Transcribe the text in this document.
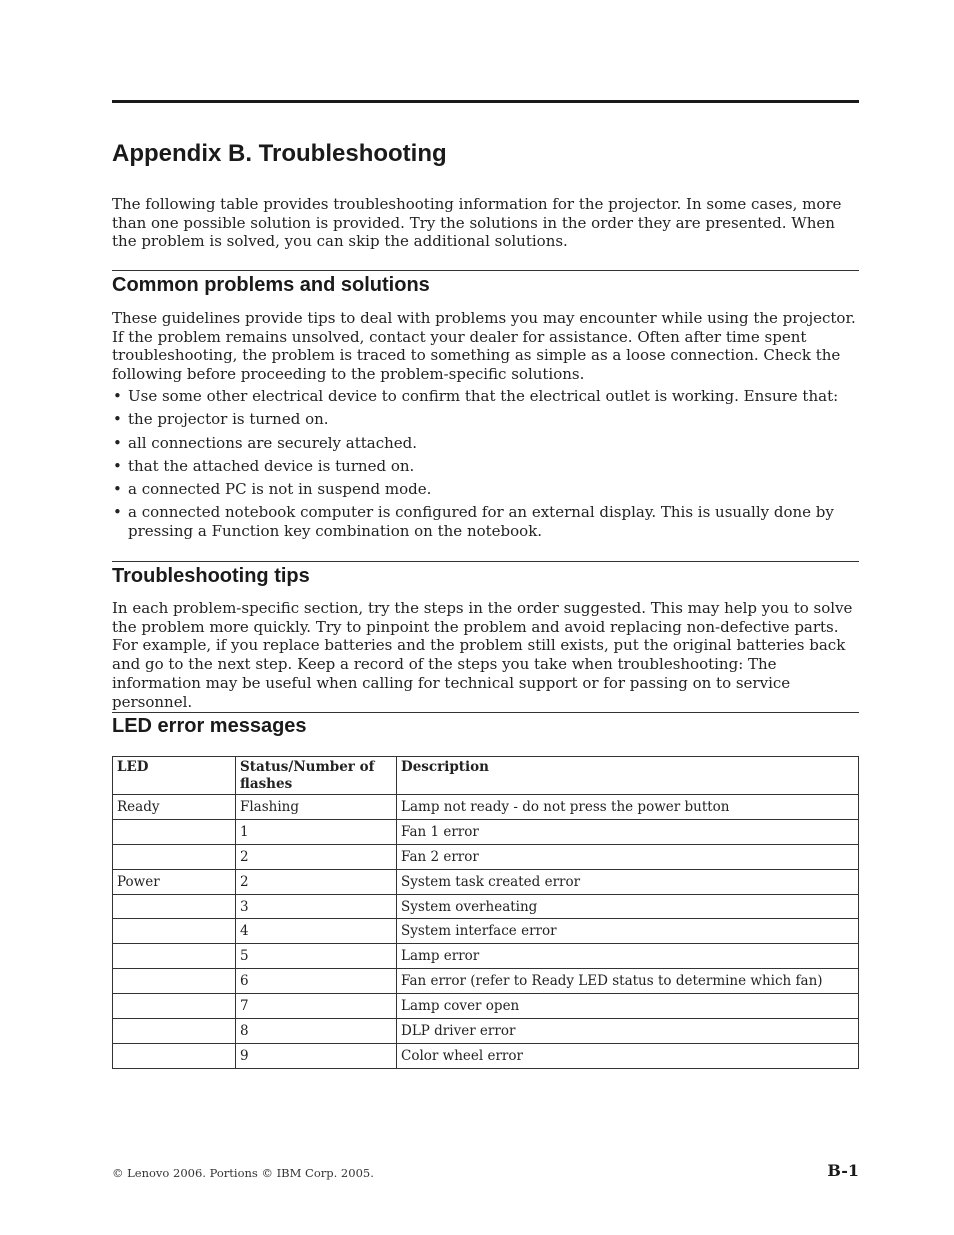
Appendix B. Troubleshooting

The following table provides troubleshooting information for the projector. In some cases, more than one possible solution is provided. Try the solutions in the order they are presented. When the problem is solved, you can skip the additional solutions.

Common problems and solutions

These guidelines provide tips to deal with problems you may encounter while using the projector. If the problem remains unsolved, contact your dealer for assistance. Often after time spent troubleshooting, the problem is traced to something as simple as a loose connection. Check the following before proceeding to the problem-specific solutions.

• Use some other electrical device to confirm that the electrical outlet is working. Ensure that:
• the projector is turned on.
• all connections are securely attached.
• that the attached device is turned on.
• a connected PC is not in suspend mode.
• a connected notebook computer is configured for an external display. This is usually done by pressing a Function key combination on the notebook.
Troubleshooting tips

In each problem-specific section, try the steps in the order suggested. This may help you to solve the problem more quickly. Try to pinpoint the problem and avoid replacing non-defective parts. For example, if you replace batteries and the problem still exists, put the original batteries back and go to the next step. Keep a record of the steps you take when troubleshooting: The information may be useful when calling for technical support or for passing on to service personnel.

LED error messages
LED	Status/Number of flashes	Description
Ready	Flashing	Lamp not ready - do not press the power button
	1	Fan 1 error
	2	Fan 2 error
Power	2	System task created error
	3	System overheating
	4	System interface error
	5	Lamp error
	6	Fan error (refer to Ready LED status to determine which fan)
	7	Lamp cover open
	8	DLP driver error
	9	Color wheel error
© Lenovo 2006. Portions © IBM Corp. 2005.	B-1
